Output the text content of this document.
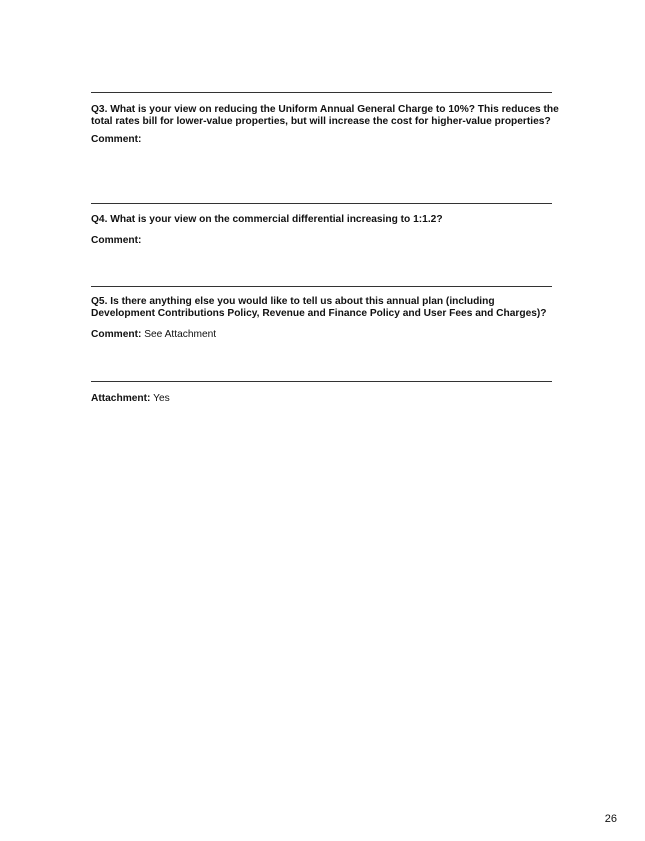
Q3. What is your view on reducing the Uniform Annual General Charge to 10%? This reduces the total rates bill for lower-value properties, but will increase the cost for higher-value properties?

Comment:

Q4. What is your view on the commercial differential increasing to 1:1.2?

Comment:

Q5. Is there anything else you would like to tell us about this annual plan (including Development Contributions Policy, Revenue and Finance Policy and User Fees and Charges)?

Comment: See Attachment

Attachment: Yes

26
